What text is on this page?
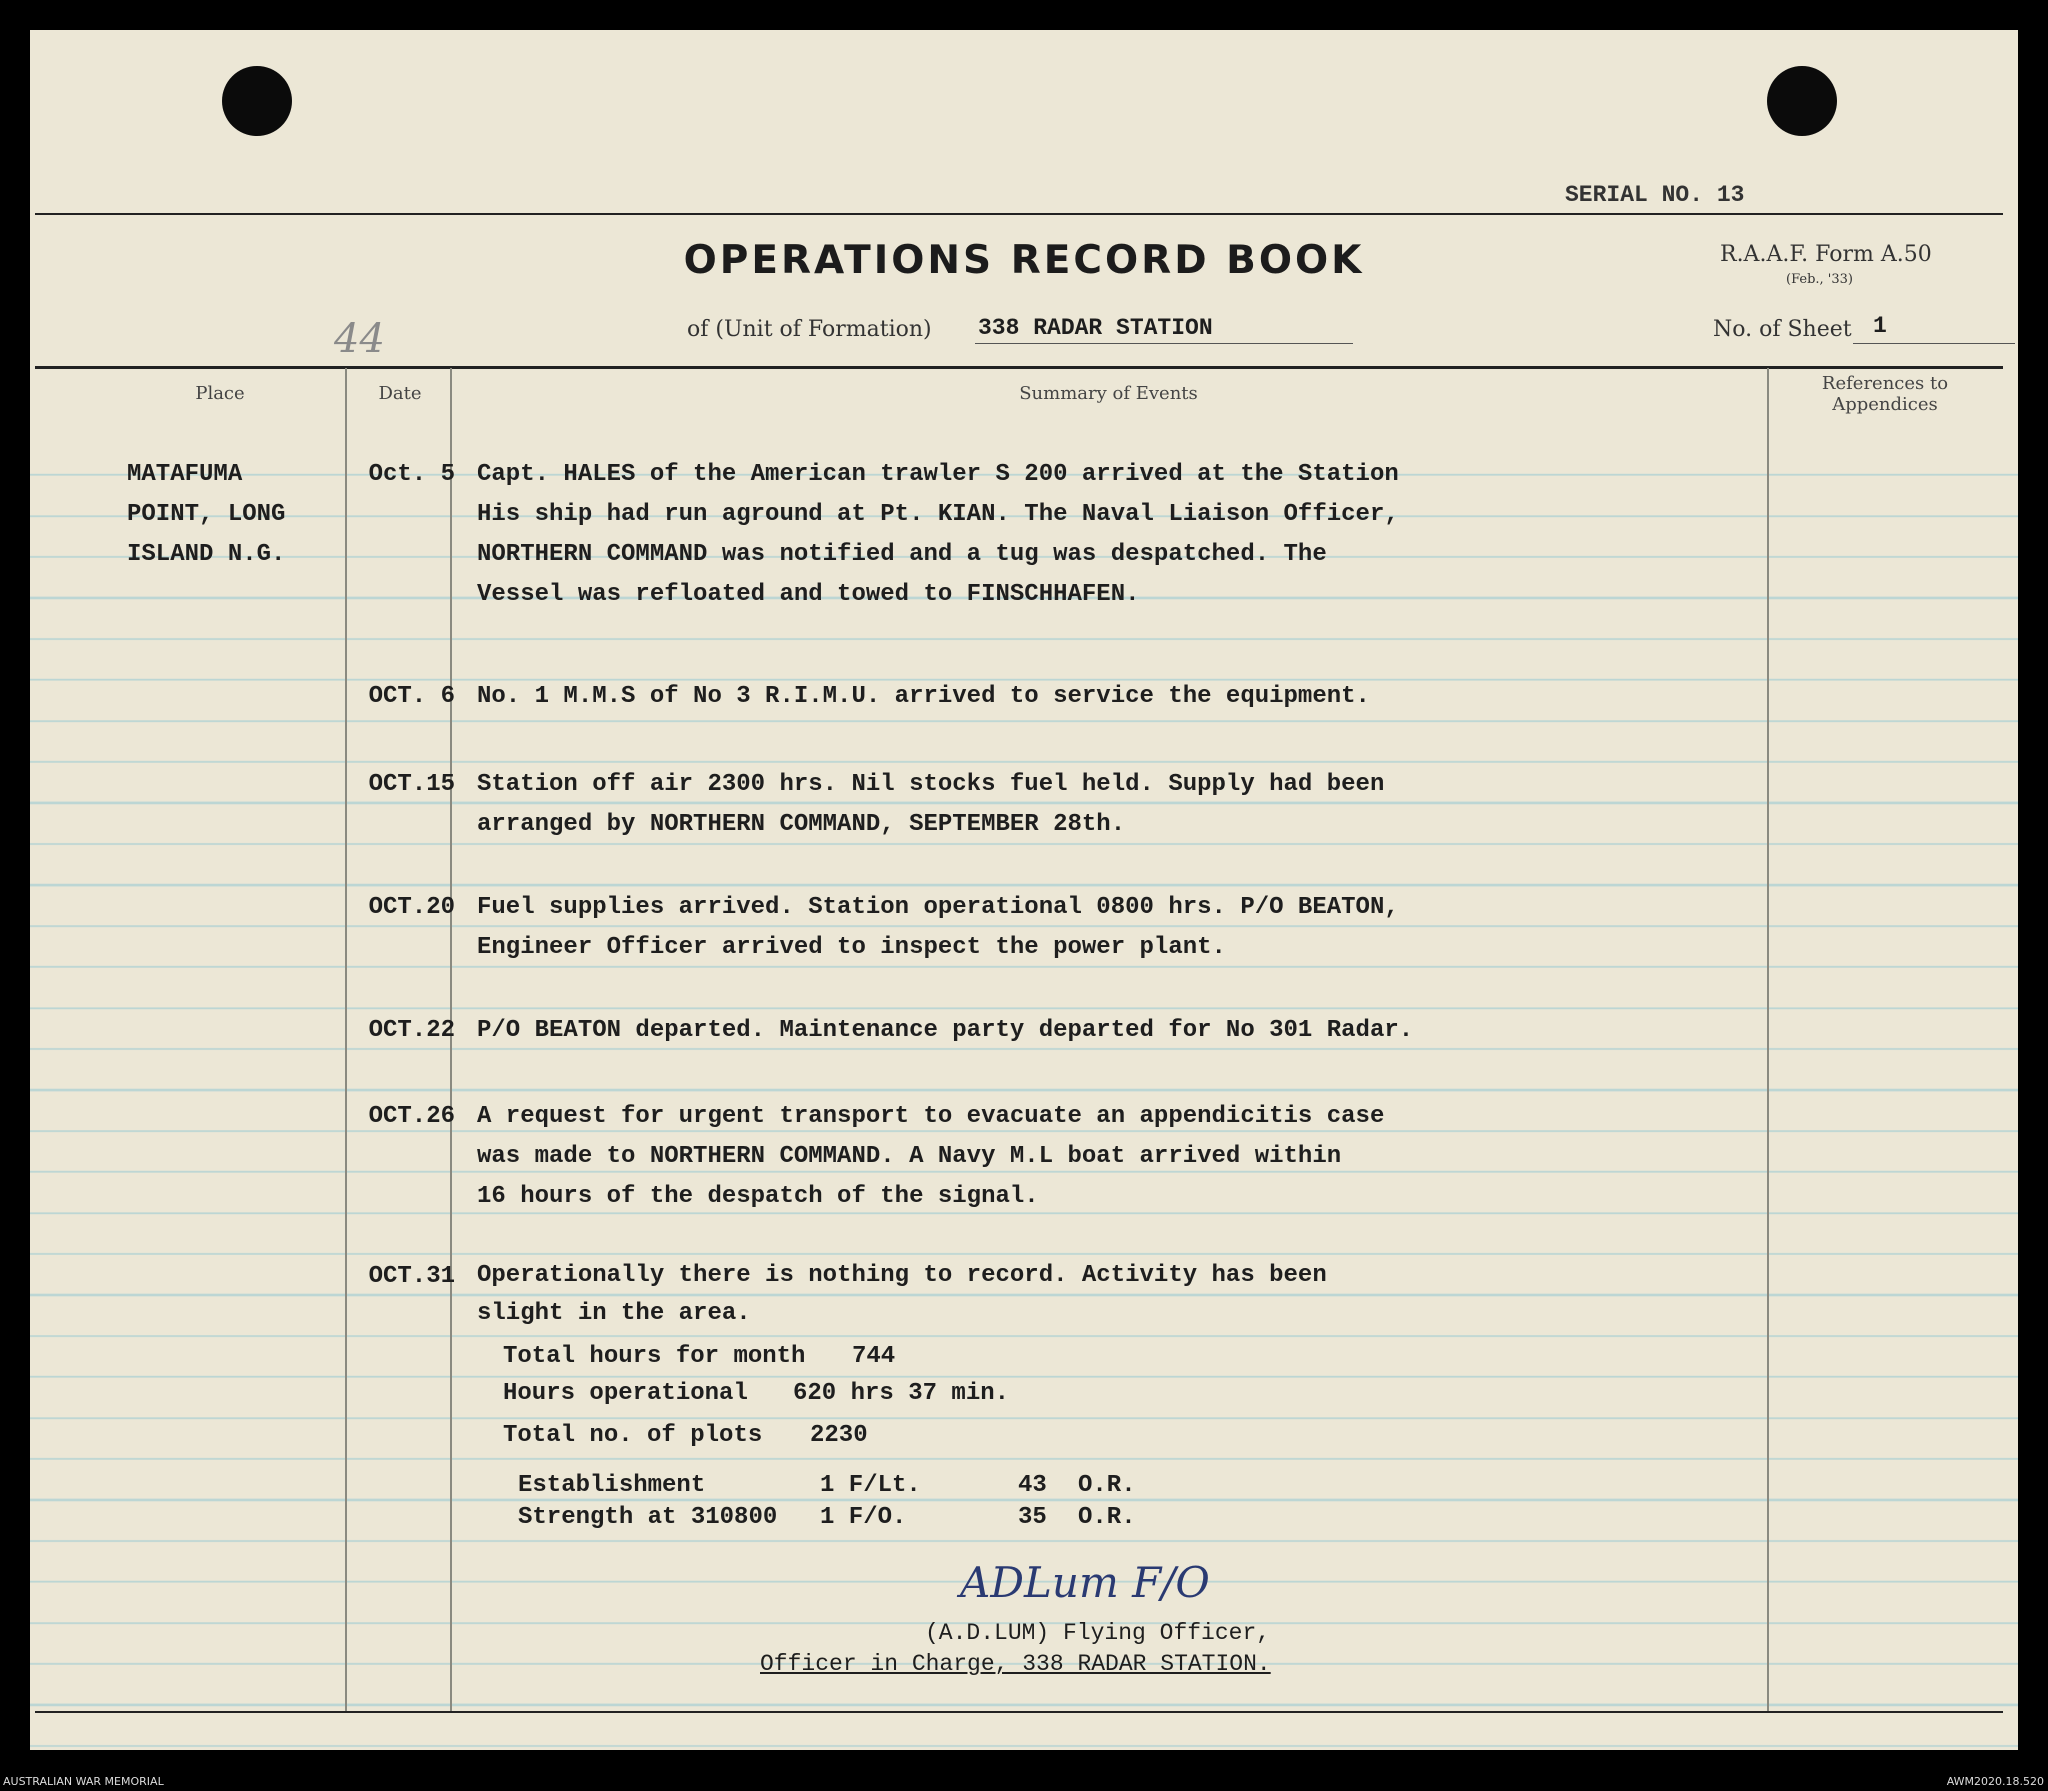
SERIAL NO. 13
OPERATIONS RECORD BOOK	R.A.A.F. Form A.50
(Feb., '33)
of (Unit of Formation) 338 RADAR STATION	No. of Sheet 1
44
Place	Date	Summary of Events	References to
Appendices
MATAFUMA
POINT, LONG
ISLAND N.G.
Oct. 5 Capt. HALES of the American trawler S 200 arrived at the Station
His ship had run aground at Pt. KIAN. The Naval Liaison Officer,
NORTHERN COMMAND was notified and a tug was despatched. The
Vessel was refloated and towed to FINSCHHAFEN.
OCT. 6 No. 1 M.M.S of No 3 R.I.M.U. arrived to service the equipment.
OCT.15 Station off air 2300 hrs. Nil stocks fuel held. Supply had been
arranged by NORTHERN COMMAND, SEPTEMBER 28th.
OCT.20 Fuel supplies arrived. Station operational 0800 hrs. P/O BEATON,
Engineer Officer arrived to inspect the power plant.
OCT.22 P/O BEATON departed. Maintenance party departed for No 301 Radar.
OCT.26 A request for urgent transport to evacuate an appendicitis case
was made to NORTHERN COMMAND. A Navy M.L boat arrived within
16 hours of the despatch of the signal.
OCT.31 Operationally there is nothing to record. Activity has been
slight in the area.
Total hours for month 744
Hours operational 620 hrs 37 min.
Total no. of plots 2230
Establishment	1 F/Lt.	43 O.R.
Strength at 310800 1 F/O.	35 O.R.
ADLum F/O
(A.D.LUM) Flying Officer,
Officer in Charge, 338 RADAR STATION.
AUSTRALIAN WAR MEMORIAL	AWM2020.18.520
